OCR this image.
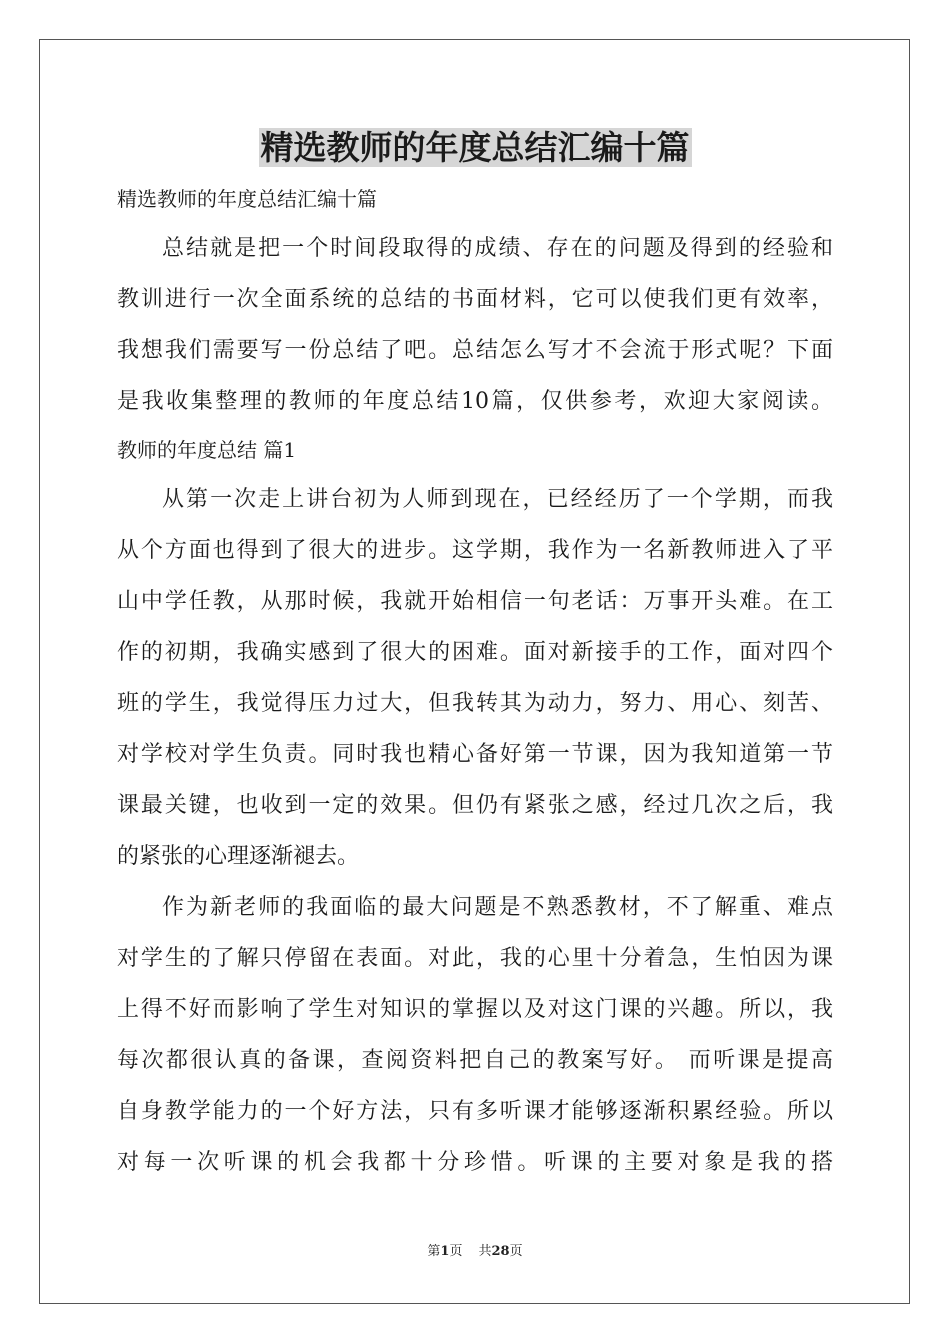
精选教师的年度总结汇编十篇
精选教师的年度总结汇编十篇
总结就是把一个时间段取得的成绩、存在的问题及得到的经验和
教训进行一次全面系统的总结的书面材料，它可以使我们更有效率，
我想我们需要写一份总结了吧。总结怎么写才不会流于形式呢？下面
是我收集整理的教师的年度总结10篇，仅供参考，欢迎大家阅读。
教师的年度总结 篇1
从第一次走上讲台初为人师到现在，已经经历了一个学期，而我
从个方面也得到了很大的进步。这学期，我作为一名新教师进入了平
山中学任教，从那时候，我就开始相信一句老话：万事开头难。在工
作的初期，我确实感到了很大的困难。面对新接手的工作，面对四个
班的学生，我觉得压力过大，但我转其为动力，努力、用心、刻苦、
对学校对学生负责。同时我也精心备好第一节课，因为我知道第一节
课最关键，也收到一定的效果。但仍有紧张之感，经过几次之后，我
的紧张的心理逐渐褪去。
作为新老师的我面临的最大问题是不熟悉教材，不了解重、难点
对学生的了解只停留在表面。对此，我的心里十分着急，生怕因为课
上得不好而影响了学生对知识的掌握以及对这门课的兴趣。所以，我
每次都很认真的备课，查阅资料把自己的教案写好。 而听课是提高
自身教学能力的一个好方法，只有多听课才能够逐渐积累经验。所以
对每一次听课的机会我都十分珍惜。听课的主要对象是我的搭
第1页 共28页
